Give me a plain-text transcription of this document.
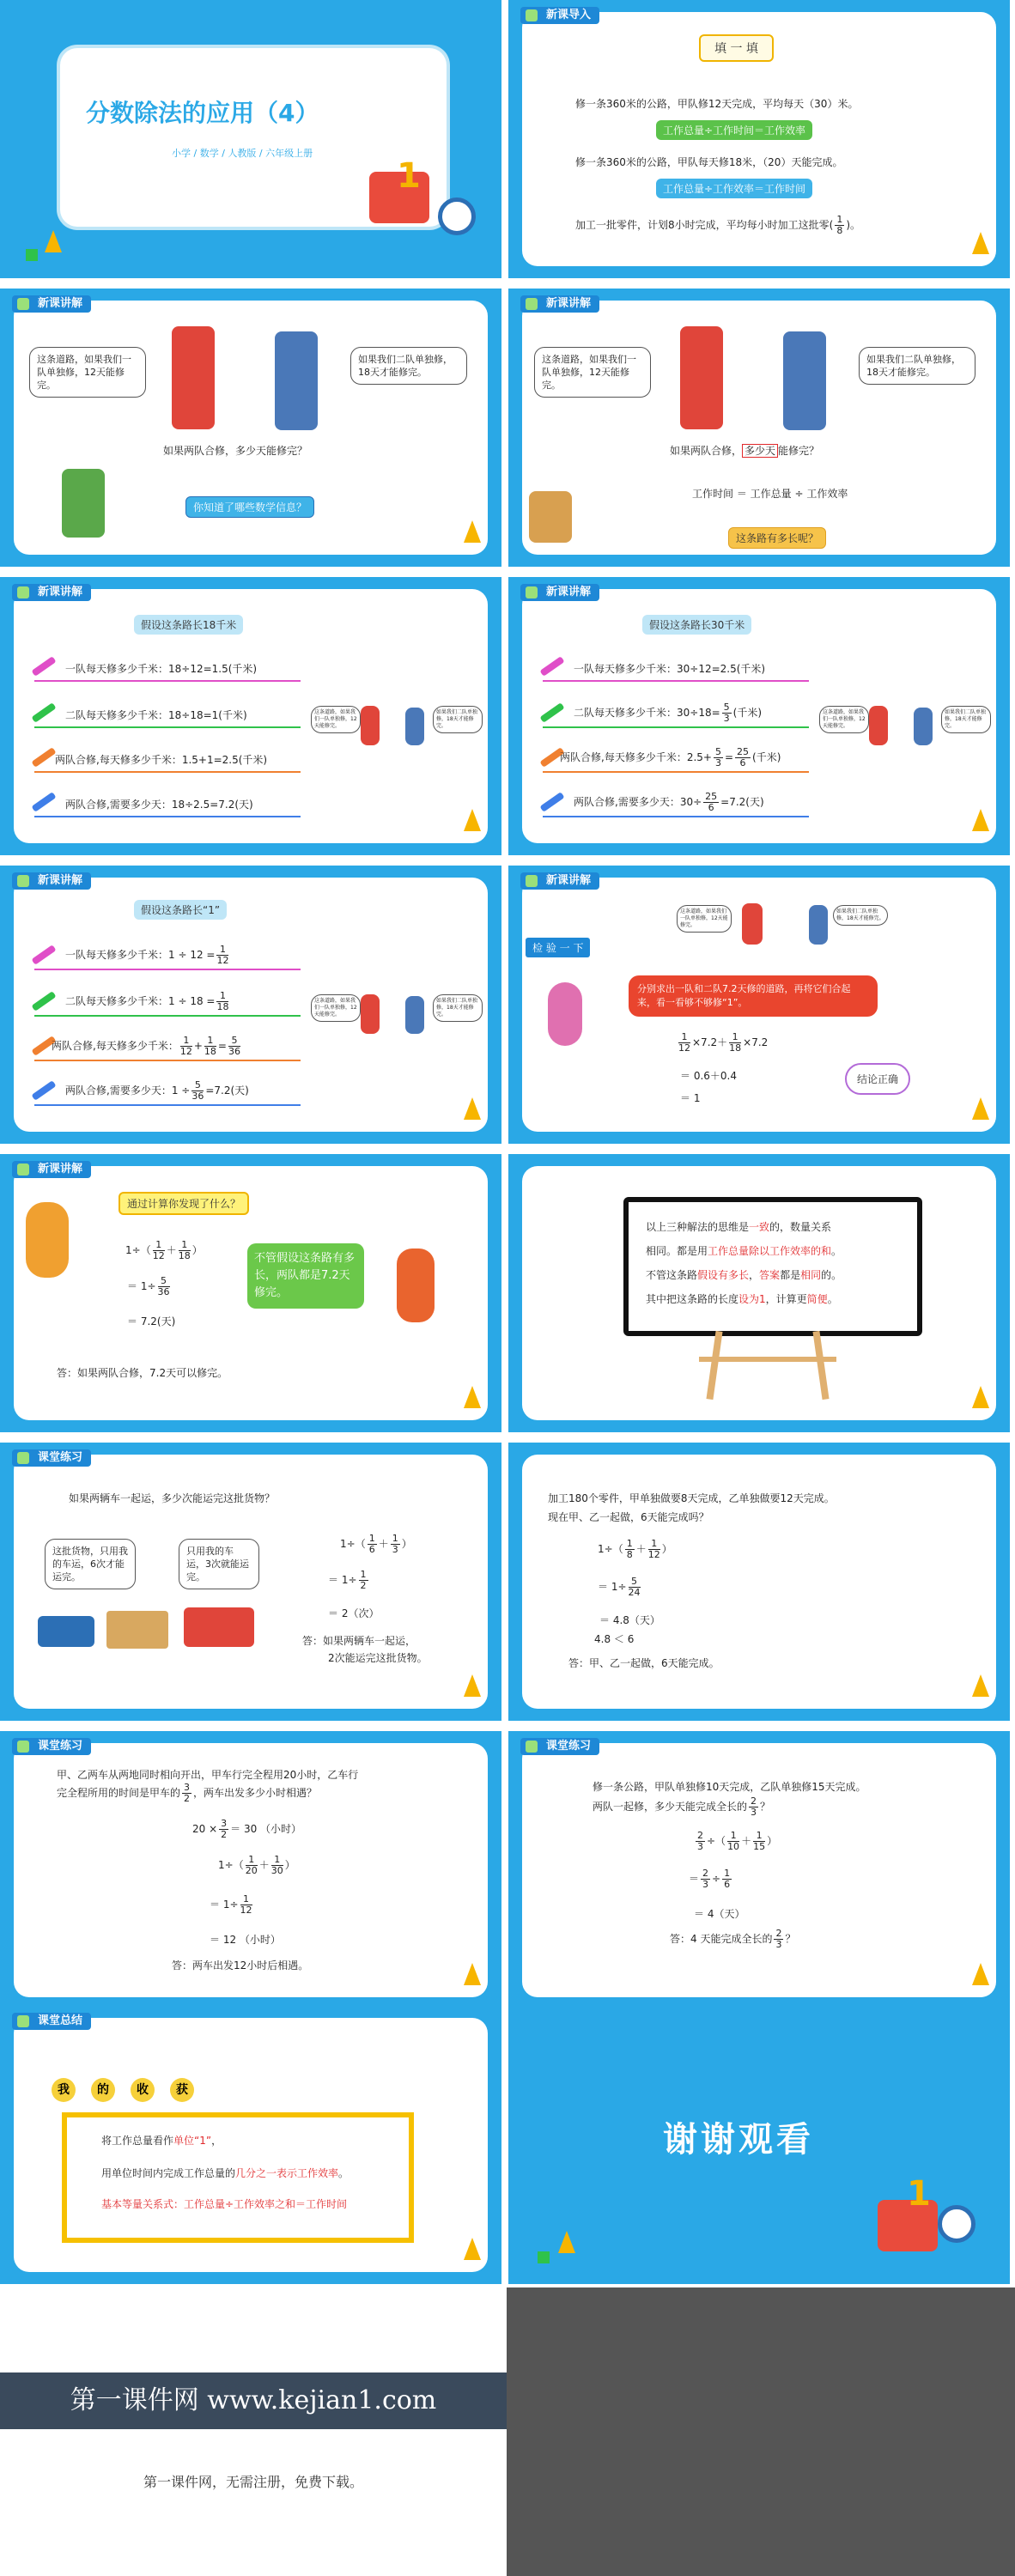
分数除法的应用（4）
小学 / 数学 / 人教版 / 六年级上册
1
新课导入
填 一 填
修一条360米的公路，甲队修12天完成，平均每天（30）米。
工作总量÷工作时间＝工作效率
修一条360米的公路，甲队每天修18米，（20）天能完成。
工作总量÷工作效率＝工作时间
加工一批零件，计划8小时完成，平均每小时加工这批零( $\frac{1}{8}$ )。
新课讲解
这条道路，如果我们一队单独修，12天能修完。
如果我们二队单独修，18天才能修完。
如果两队合修，多少天能修完？
你知道了哪些数学信息？
新课讲解
这条道路，如果我们一队单独修，12天能修完。
如果我们二队单独修，18天才能修完。
如果两队合修， 多少天 能修完？
工作时间 ＝ 工作总量 ÷ 工作效率
这条路有多长呢？
新课讲解
假设这条路长18千米
一队每天修多少千米：18÷12=1.5(千米)
二队每天修多少千米：18÷18=1(千米)
两队合修,每天修多少千米：1.5+1=2.5(千米)
两队合修,需要多少天：18÷2.5=7.2(天)
这条道路，如果我们一队单独修，12天能修完。
如果我们二队单独修，18天才能修完。
新课讲解
假设这条路长30千米
一队每天修多少千米：30÷12=2.5(千米)
二队每天修多少千米：$30\div 18= \frac{5}{3}$ (千米)
两队合修,每天修多少千米：$2.5+ \frac{5}{3} = \frac{25}{6}$ (千米)
两队合修,需要多少天：$30\div \frac{25}{6} =7.2$(天)
这条道路，如果我们一队单独修，12天能修完。
如果我们二队单独修，18天才能修完。
新课讲解
假设这条路长“1”
一队每天修多少千米：$1 \div 12 = \frac{1}{12}$
二队每天修多少千米：$1 \div 18 = \frac{1}{18}$
两队合修,每天修多少千米： $\frac{1}{12} + \frac{1}{18} = \frac{5}{36}$
两队合修,需要多少天：$1 \div \frac{5}{36} =7.2$(天)
这条道路，如果我们一队单独修，12天能修完。
如果我们二队单独修，18天才能修完。
新课讲解
检 验 一 下
这条道路，如果我们一队单独修，12天能修完。
如果我们二队单独修，18天才能修完。
分别求出一队和二队7.2天修的道路，再将它们合起来，看一看够不够修“1”。
$\frac{1}{12} \times 7.2+ \frac{1}{18} \times 7.2$
＝ 0.6＋0.4
＝ 1
结论正确
新课讲解
通过计算你发现了什么？
$1\div( \frac{1}{12} + \frac{1}{18}$ ）
＝ $1\div \frac{5}{36}$
＝ 7.2(天)
答：如果两队合修，7.2天可以修完。
不管假设这条路有多长，两队都是7.2天修完。
以上三种解法的思维是一致的，数量关系
相同。都是用工作总量除以工作效率的和。
不管这条路假设有多长，答案都是相同的。
其中把这条路的长度设为1，计算更简便。
课堂练习
如果两辆车一起运，多少次能运完这批货物？
这批货物，只用我的车运，6次才能运完。
只用我的车运，3次就能运完。
$1\div( \frac{1}{6} + \frac{1}{3}$ ）
＝ $1\div \frac{1}{2}$
＝ 2（次）
答：如果两辆车一起运，
2次能运完这批货物。
加工180个零件，甲单独做要8天完成，乙单独做要12天完成。
现在甲、乙一起做，6天能完成吗？
$1\div( \frac{1}{8} + \frac{1}{12}$ ）
＝ $1\div \frac{5}{24}$
＝ 4.8（天）
4.8 ＜ 6
答：甲、乙一起做，6天能完成。
课堂练习
甲、乙两车从两地同时相向开出，甲车行完全程用20小时，乙车行
完全程所用的时间是甲车的 $\frac{3}{2}$ ，两车出发多少小时相遇？
$20 \times \frac{3}{2} = 30$ （小时）
$1\div( \frac{1}{20} + \frac{1}{30}$ ）
＝ $1\div \frac{1}{12}$
＝ 12 （小时）
答：两车出发12小时后相遇。
课堂练习
修一条公路，甲队单独修10天完成，乙队单独修15天完成。
两队一起修，多少天能完成全长的 $\frac{2}{3}$ ？
$\frac{2}{3}$ ÷（ $\frac{1}{10} + \frac{1}{15}$ ）
＝ $\frac{2}{3} \div \frac{1}{6}$
＝ 4（天）
答：4 天能完成全长的 $\frac{2}{3}$ ？
课堂总结
我	的	收	获
将工作总量看作单位“1”，
用单位时间内完成工作总量的几分之一表示工作效率。
基本等量关系式：工作总量÷工作效率之和＝工作时间
谢谢观看
1
第一课件网 www.kejian1.com
第一课件网，无需注册，免费下载。
